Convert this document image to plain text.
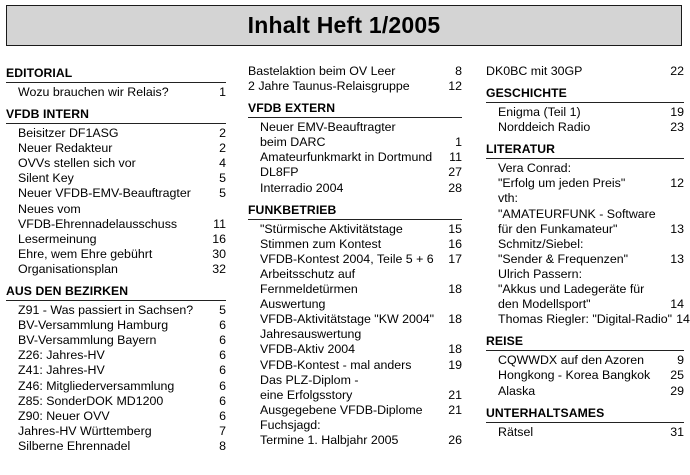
Inhalt Heft 1/2005
EDITORIAL
Wozu brauchen wir Relais?	1
VFDB INTERN
Beisitzer DF1ASG	2
Neuer Redakteur	2
OVVs stellen sich vor	4
Silent Key	5
Neuer VFDB-EMV-Beauftragter	5
Neues vom
VFDB-Ehrennadelausschuss	11
Lesermeinung	16
Ehre, wem Ehre gebührt	30
Organisationsplan	32
AUS DEN BEZIRKEN
Z91 - Was passiert in Sachsen?	5
BV-Versammlung Hamburg	6
BV-Versammlung Bayern	6
Z26: Jahres-HV	6
Z41: Jahres-HV	6
Z46: Mitgliederversammlung	6
Z85: SonderDOK MD1200	6
Z90: Neuer OVV	6
Jahres-HV Württemberg	7
Silberne Ehrennadel	8
Bastelaktion beim OV Leer	8
2 Jahre Taunus-Relaisgruppe	12
VFDB EXTERN
Neuer EMV-Beauftragter
beim DARC	1
Amateurfunkmarkt in Dortmund	11
DL8FP	27
Interradio 2004	28
FUNKBETRIEB
"Stürmische Aktivitätstage	15
Stimmen zum Kontest	16
VFDB-Kontest 2004, Teile 5 + 6	17
Arbeitsschutz auf
Fernmeldetürmen	18
Auswertung
VFDB-Aktivitätstage "KW 2004"	18
Jahresauswertung
VFDB-Aktiv 2004	18
VFDB-Kontest - mal anders	19
Das PLZ-Diplom -
eine Erfolgsstory	21
Ausgegebene VFDB-Diplome	21
Fuchsjagd:
Termine 1. Halbjahr 2005	26
DK0BC mit 30GP	22
GESCHICHTE
Enigma (Teil 1)	19
Norddeich Radio	23
LITERATUR
Vera Conrad:
"Erfolg um jeden Preis"	12
vth:
"AMATEURFUNK - Software
für den Funkamateur"	13
Schmitz/Siebel:
"Sender & Frequenzen"	13
Ulrich Passern:
"Akkus und Ladegeräte für
den Modellsport"	14
Thomas Riegler: "Digital-Radio" 14
REISE
CQWWDX auf den Azoren	9
Hongkong - Korea Bangkok	25
Alaska	29
UNTERHALTSAMES
Rätsel	31
